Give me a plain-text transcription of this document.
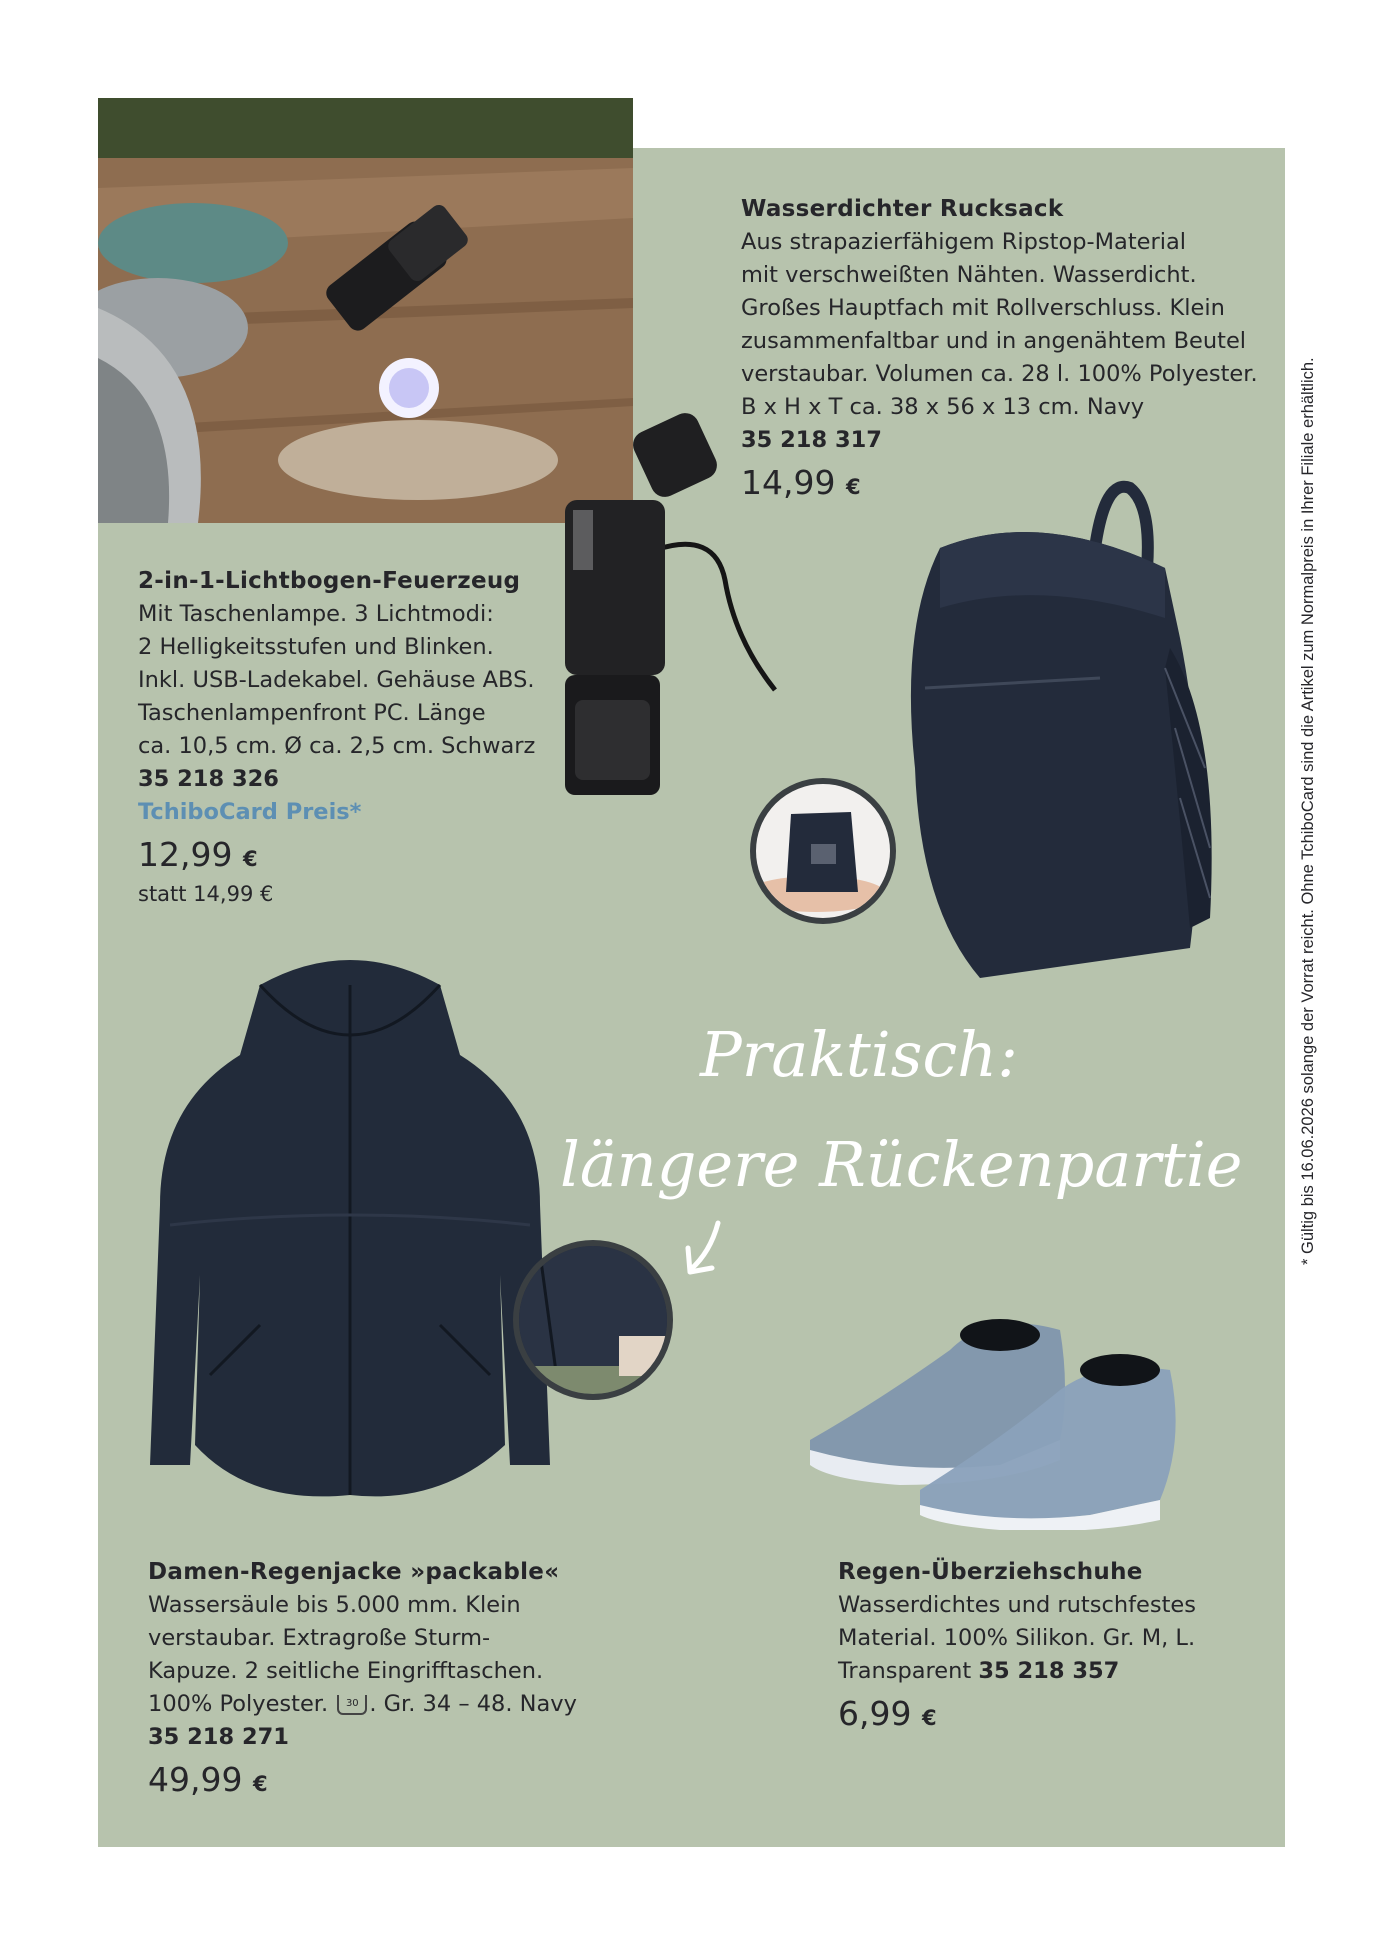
Wasserdichter Rucksack
Aus strapazierfähigem Ripstop-Material
mit verschweißten Nähten. Wasserdicht.
Großes Hauptfach mit Rollverschluss. Klein
zusammenfaltbar und in angenähtem Beutel
verstaubar. Volumen ca. 28 l. 100% Polyester.
B x H x T ca. 38 x 56 x 13 cm. Navy
35 218 317
14,99 €
2-in-1-Lichtbogen-Feuerzeug
Mit Taschenlampe. 3 Lichtmodi:
2 Helligkeitsstufen und Blinken.
Inkl. USB-Ladekabel. Gehäuse ABS.
Taschenlampenfront PC. Länge
ca. 10,5 cm. Ø ca. 2,5 cm. Schwarz
35 218 326
TchiboCard Preis*
12,99 €
statt 14,99 €
Praktisch:
längere Rückenpartie
Damen-Regenjacke »packable«
Wassersäule bis 5.000 mm. Klein
verstaubar. Extragroße Sturm-
Kapuze. 2 seitliche Eingrifftaschen.
100% Polyester. 30 . Gr. 34 – 48. Navy
35 218 271
49,99 €
Regen-Überziehschuhe
Wasserdichtes und rutschfestes
Material. 100% Silikon. Gr. M, L.
Transparent 35 218 357
6,99 €
* Gültig bis 16.06.2026 solange der Vorrat reicht. Ohne TchiboCard sind die Artikel zum Normalpreis in Ihrer Filiale erhältlich.
